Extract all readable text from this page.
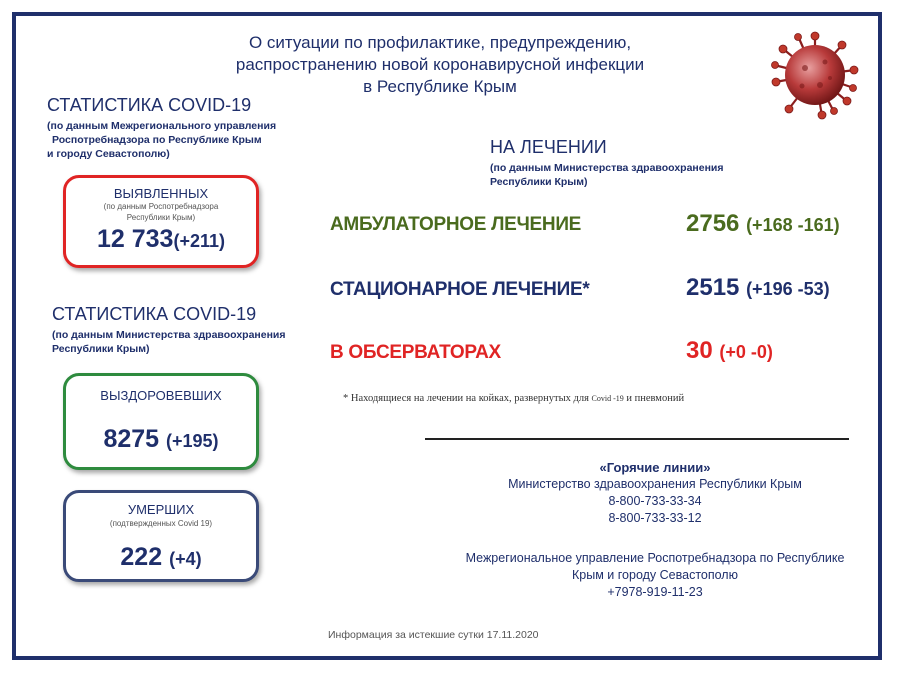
О ситуации по профилактике, предупреждению,
распространению новой коронавирусной инфекции
в Республике Крым
СТАТИСТИКА COVID-19
(по данным Межрегионального управления
Роспотребнадзора по Республике Крым
и городу Севастополю)
ВЫЯВЛЕННЫХ
(по данным Роспотребнадзора
Республики Крым)
12 733(+211)
СТАТИСТИКА COVID-19
(по данным Министерства здравоохранения
Республики Крым)
ВЫЗДОРОВЕВШИХ
8275 (+195)
УМЕРШИХ
(подтвержденных Covid 19)
222 (+4)
НА ЛЕЧЕНИИ
(по данным Министерства здравоохранения
Республики Крым)
АМБУЛАТОРНОЕ ЛЕЧЕНИЕ	2756 (+168 -161)
СТАЦИОНАРНОЕ ЛЕЧЕНИЕ*	2515 (+196 -53)
В ОБСЕРВАТОРАХ	30 (+0 -0)
* Находящиеся на лечении на койках, развернутых для Covid -19 и пневмоний
«Горячие линии»
Министерство здравоохранения Республики Крым
8-800-733-33-34
8-800-733-33-12
Межрегиональное управление Роспотребнадзора по Республике
Крым и городу Севастополю
+7978-919-11-23
Информация за истекшие сутки 17.11.2020
